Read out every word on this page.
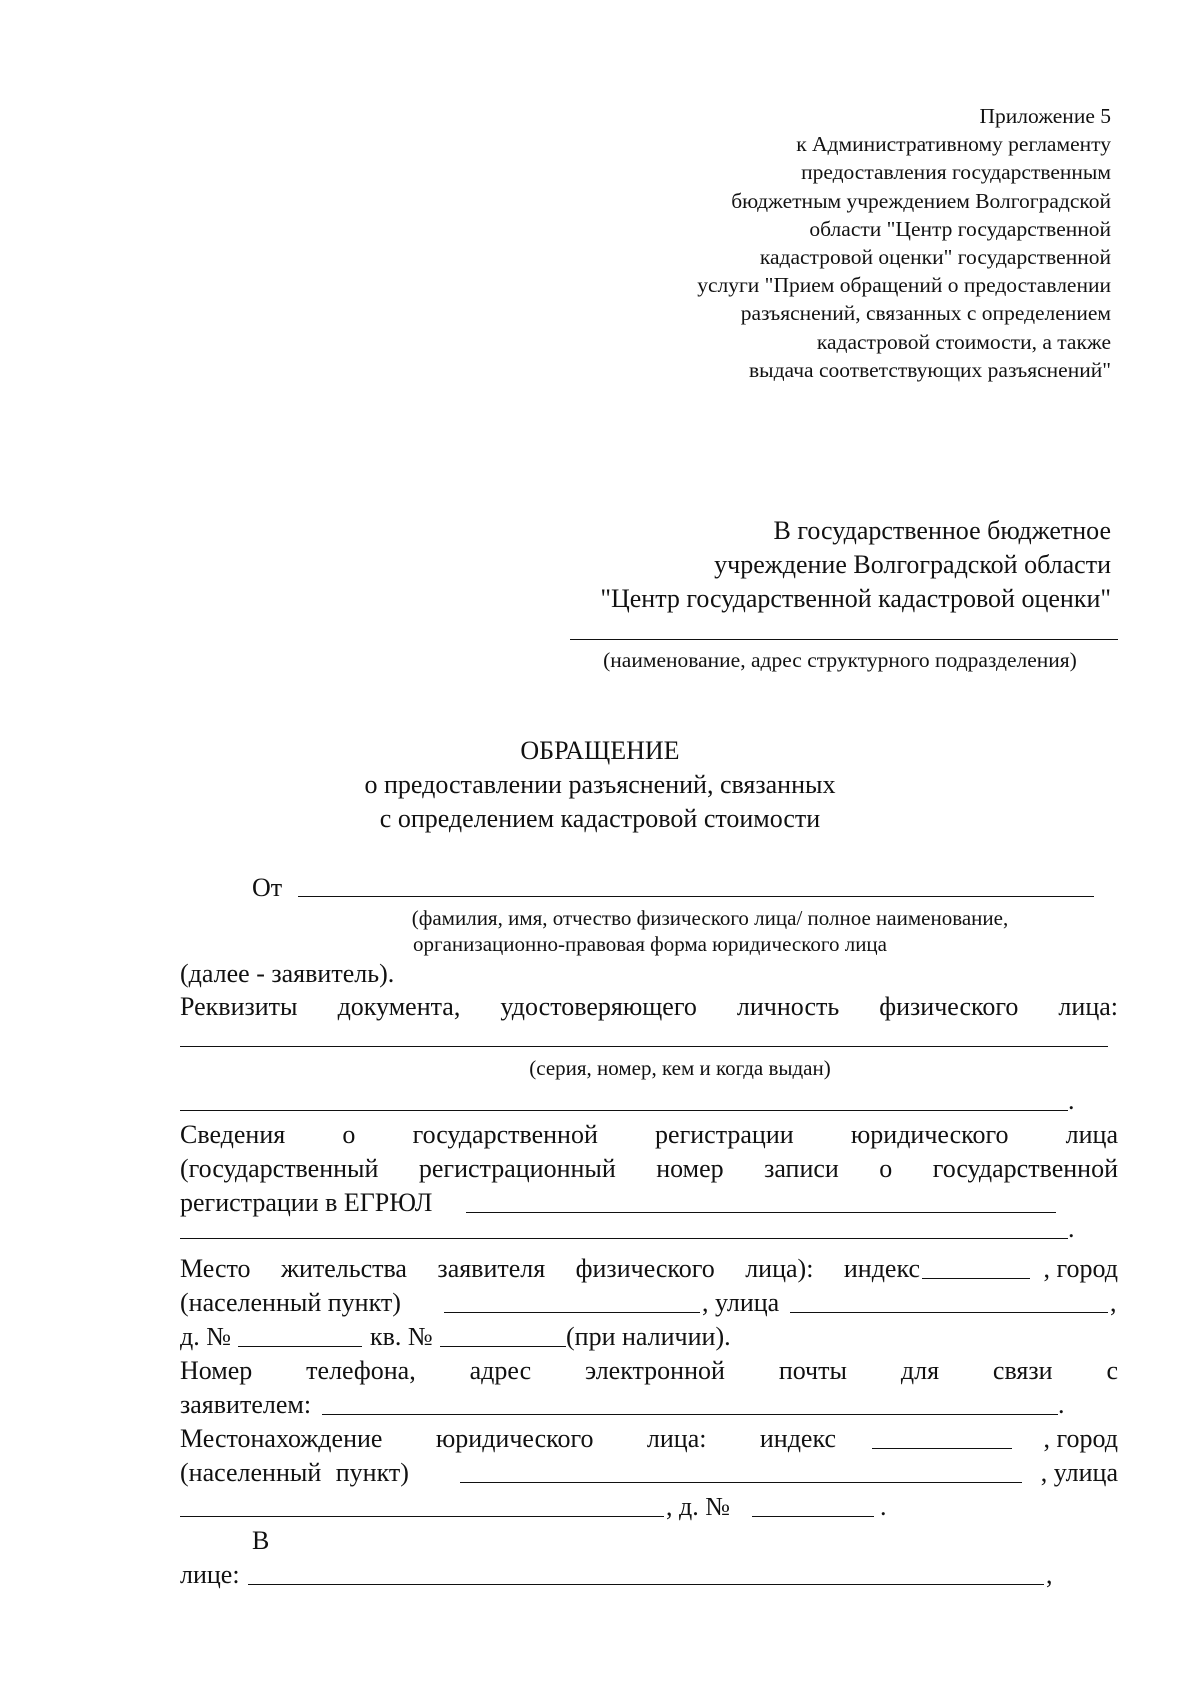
Приложение 5
к Административному регламенту
предоставления государственным
бюджетным учреждением Волгоградской
области "Центр государственной
кадастровой оценки" государственной
услуги "Прием обращений о предоставлении
разъяснений, связанных с определением
кадастровой стоимости, а также
выдача соответствующих разъяснений"
В государственное бюджетное
учреждение Волгоградской области
"Центр государственной кадастровой оценки"
(наименование, адрес структурного подразделения)
ОБРАЩЕНИЕ
о предоставлении разъяснений, связанных
с определением кадастровой стоимости
От
(фамилия, имя, отчество физического лица/ полное наименование,
организационно-правовая форма юридического лица
(далее - заявитель).
Реквизиты документа, удостоверяющего личность физического лица:
(серия, номер, кем и когда выдан)
.
Сведения о государственной регистрации юридического лица
(государственный регистрационный номер записи о государственной
регистрации в ЕГРЮЛ
.
Место жительства заявителя физического лица): индекс	, город
(населенный пункт)	, улица	,
д. №	кв. №	(при наличии).
Номер телефона, адрес электронной почты для связи с
заявителем:	.
Местонахождение юридического лица: индекс	, город
(населенный пункт)	, улица
, д. №	.
В
лице:	,
